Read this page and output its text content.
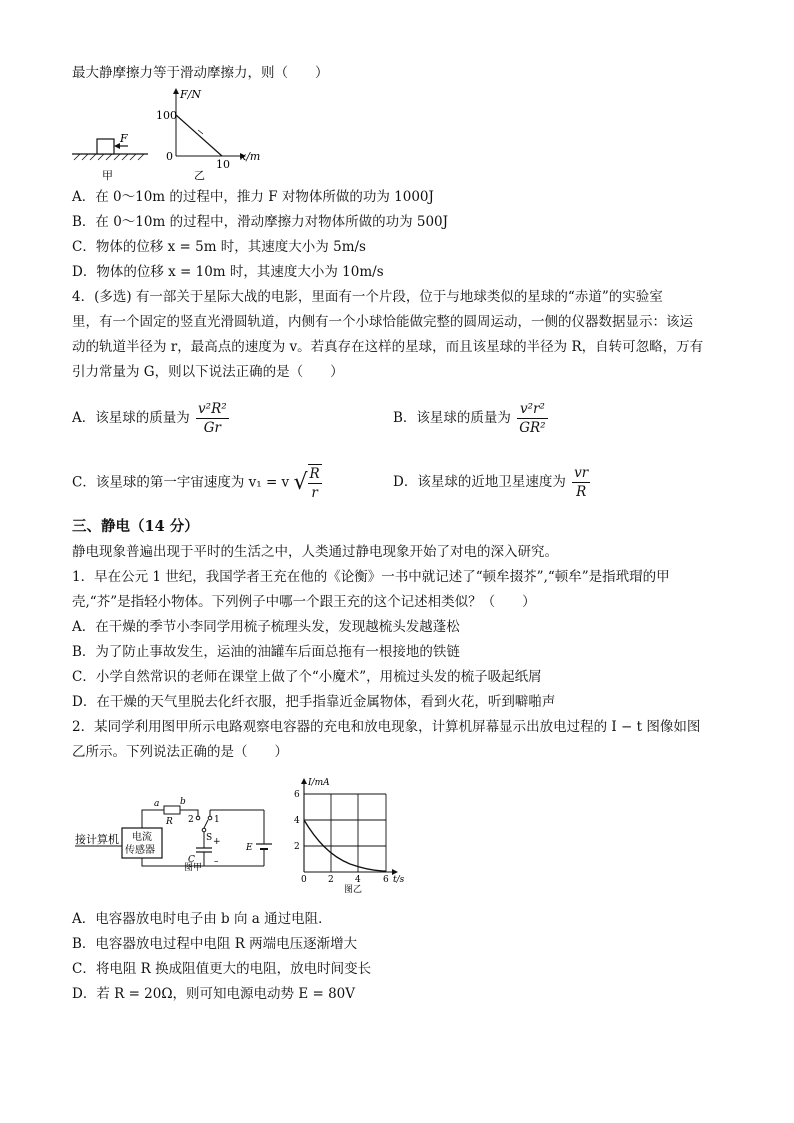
最大静摩擦力等于滑动摩擦力，则（　　）
F
甲
F/N
100
0
10
x/m
乙
A．在 0～10m 的过程中，推力 F 对物体所做的功为 1000J
B．在 0～10m 的过程中，滑动摩擦力对物体所做的功为 500J
C．物体的位移 x = 5m 时，其速度大小为 5m/s
D．物体的位移 x = 10m 时，其速度大小为 10m/s
4．(多选) 有一部关于星际大战的电影，里面有一个片段，位于与地球类似的星球的“赤道”的实验室
里，有一个固定的竖直光滑圆轨道，内侧有一个小球恰能做完整的圆周运动，一侧的仪器数据显示：该运
动的轨道半径为 r，最高点的速度为 v。若真存在这样的星球，而且该星球的半径为 R，自转可忽略，万有
引力常量为 G，则以下说法正确的是（　　）
A．该星球的质量为 $\frac{\text{v²R²}}{Gr}$	B．该星球的质量为 $\frac{\text{v²r²}}{\text{GR²}}$
C．该星球的第一宇宙速度为 v₁ = v √ $\frac{R}{r}$	D．该星球的近地卫星速度为 $\frac{vr}{R}$
三、静电（14 分）
静电现象普遍出现于平时的生活之中，人类通过静电现象开始了对电的深入研究。
1．早在公元 1 世纪，我国学者王充在他的《论衡》一书中就记述了“顿牟掇芥”,“顿牟”是指玳瑁的甲
壳,“芥”是指轻小物体。下列例子中哪一个跟王充的这个记述相类似？（　　）
A．在干燥的季节小李同学用梳子梳理头发，发现越梳头发越蓬松
B．为了防止事故发生，运油的油罐车后面总拖有一根接地的铁链
C．小学自然常识的老师在课堂上做了个“小魔术”，用梳过头发的梳子吸起纸屑
D．在干燥的天气里脱去化纤衣服，把手指靠近金属物体，看到火花，听到噼啪声
2．某同学利用图甲所示电路观察电容器的充电和放电现象，计算机屏幕显示出放电过程的 I − t 图像如图
乙所示。下列说法正确的是（　　）
接计算机 电流
传感器
a b
R 2 1
S
C
+
–
E
图甲
I/mA
6
4
2
0 2 4 6 t/s
图乙
A．电容器放电时电子由 b 向 a 通过电阻．
B．电容器放电过程中电阻 R 两端电压逐渐增大
C．将电阻 R 换成阻值更大的电阻，放电时间变长
D．若 R = 20Ω，则可知电源电动势 E = 80V
